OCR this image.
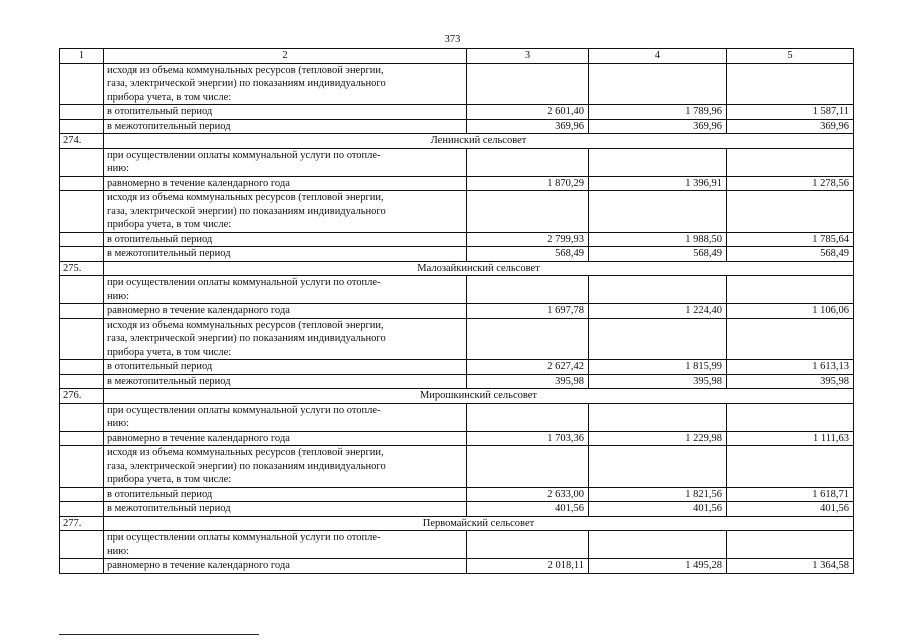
373
1	2	3	4	5

	исходя из объема коммунальных ресурсов (тепловой энергии,
газа, электрической энергии) по показаниям индивидуального
прибора учета, в том числе:			

	в отопительный период	2 601,40	1 789,96	1 587,11
	в межотопительный период	369,96	369,96	369,96
274.	Ленинский сельсовет			

	при осуществлении оплаты коммунальной услуги по отопле-
нию:			

	равномерно в течение календарного года	1 870,29	1 396,91	1 278,56

	исходя из объема коммунальных ресурсов (тепловой энергии,
газа, электрической энергии) по показаниям индивидуального
прибора учета, в том числе:			

	в отопительный период	2 799,93	1 988,50	1 785,64
	в межотопительный период	568,49	568,49	568,49
275.	Малозайкинский сельсовет			

	при осуществлении оплаты коммунальной услуги по отопле-
нию:			

	равномерно в течение календарного года	1 697,78	1 224,40	1 106,06

	исходя из объема коммунальных ресурсов (тепловой энергии,
газа, электрической энергии) по показаниям индивидуального
прибора учета, в том числе:			

	в отопительный период	2 627,42	1 815,99	1 613,13
	в межотопительный период	395,98	395,98	395,98
276.	Мирошкинский сельсовет			

	при осуществлении оплаты коммунальной услуги по отопле-
нию:			

	равномерно в течение календарного года	1 703,36	1 229,98	1 111,63

	исходя из объема коммунальных ресурсов (тепловой энергии,
газа, электрической энергии) по показаниям индивидуального
прибора учета, в том числе:			

	в отопительный период	2 633,00	1 821,56	1 618,71
	в межотопительный период	401,56	401,56	401,56
277.	Первомайский сельсовет			

	при осуществлении оплаты коммунальной услуги по отопле-
нию:			

	равномерно в течение календарного года	2 018,11	1 495,28	1 364,58
